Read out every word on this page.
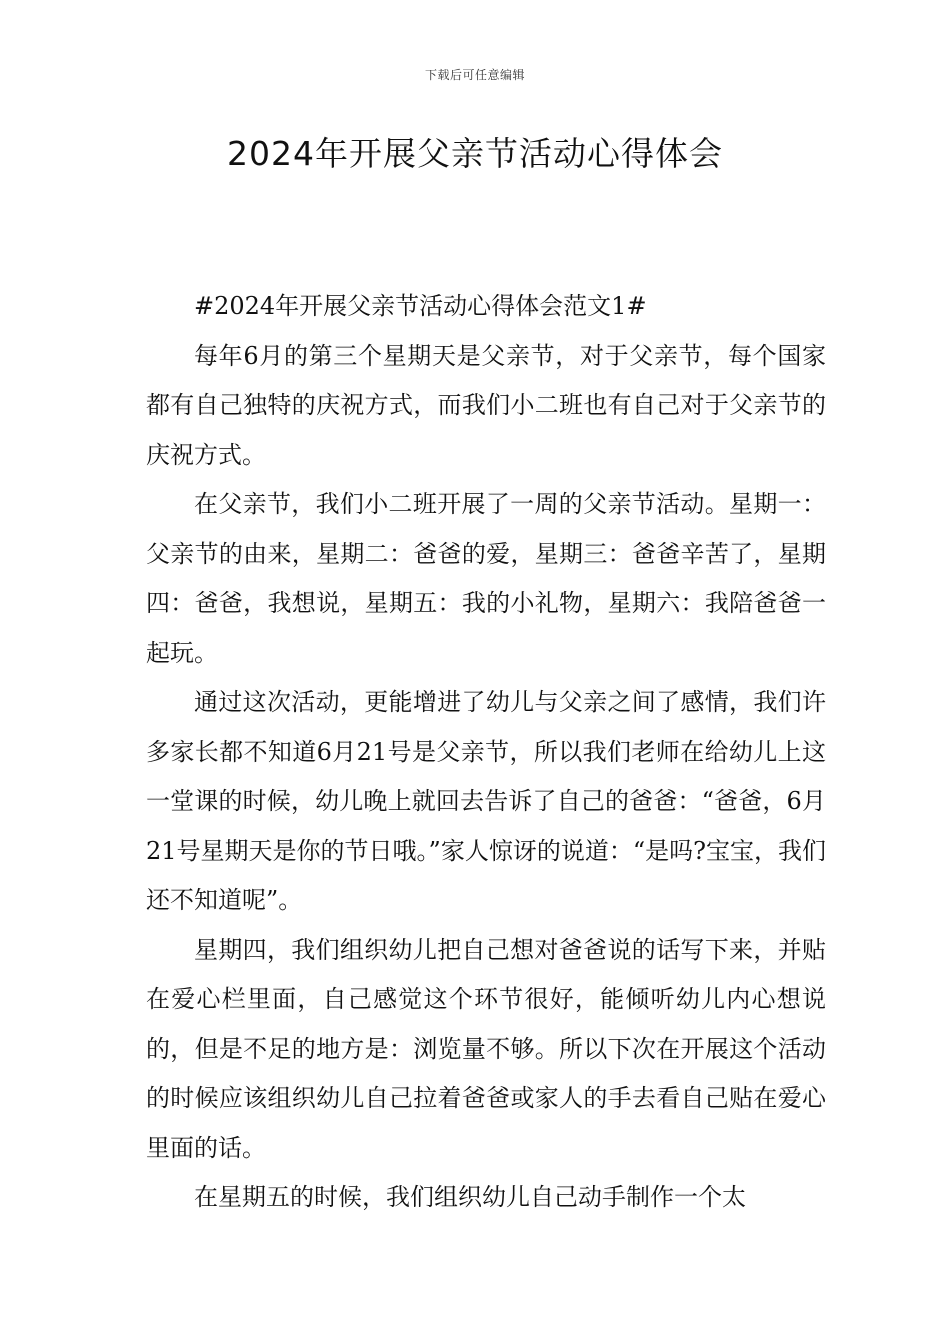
下载后可任意编辑
2024年开展父亲节活动心得体会

#2024年开展父亲节活动心得体会范文1#

每年6月的第三个星期天是父亲节，对于父亲节，每个国家都有自己独特的庆祝方式，而我们小二班也有自己对于父亲节的庆祝方式。

在父亲节，我们小二班开展了一周的父亲节活动。星期一：父亲节的由来，星期二：爸爸的爱，星期三：爸爸辛苦了，星期四：爸爸，我想说，星期五：我的小礼物，星期六：我陪爸爸一起玩。

通过这次活动，更能增进了幼儿与父亲之间了感情，我们许多家长都不知道6月21号是父亲节，所以我们老师在给幼儿上这一堂课的时候，幼儿晚上就回去告诉了自己的爸爸：“爸爸，6月21号星期天是你的节日哦。”家人惊讶的说道：“是吗?宝宝，我们还不知道呢”。

星期四，我们组织幼儿把自己想对爸爸说的话写下来，并贴在爱心栏里面，自己感觉这个环节很好，能倾听幼儿内心想说的，但是不足的地方是：浏览量不够。所以下次在开展这个活动的时候应该组织幼儿自己拉着爸爸或家人的手去看自己贴在爱心里面的话。

在星期五的时候，我们组织幼儿自己动手制作一个太
